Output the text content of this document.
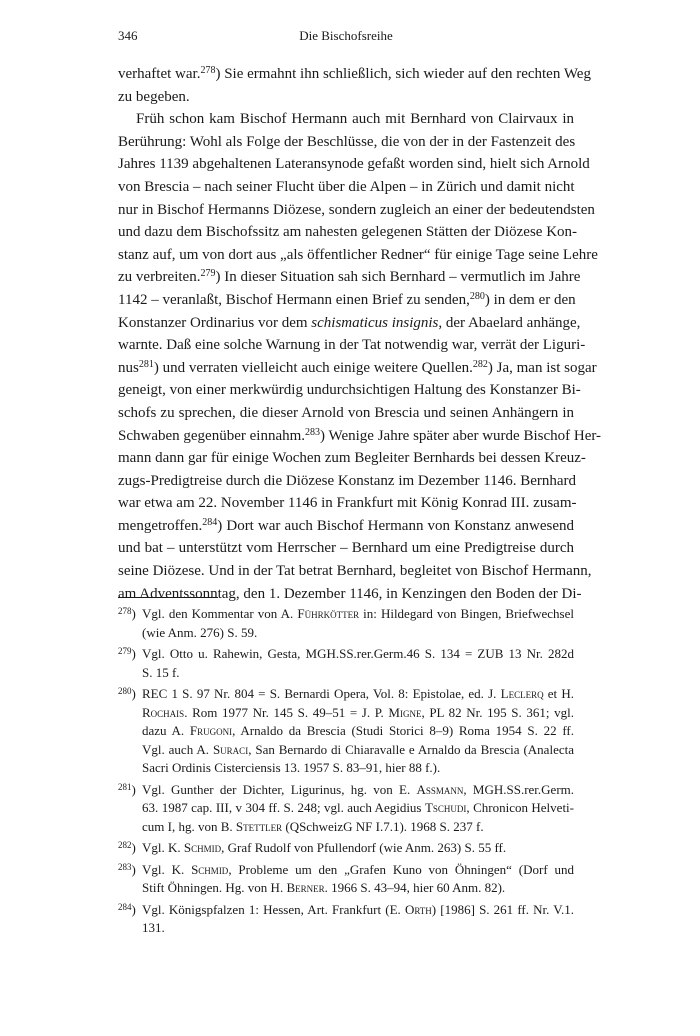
346	Die Bischofsreihe
verhaftet war.$^{278}$) Sie ermahnt ihn schließlich, sich wieder auf den rechten Weg
zu begeben.
Früh schon kam Bischof Hermann auch mit Bernhard von Clairvaux in
Berührung: Wohl als Folge der Beschlüsse, die von der in der Fastenzeit des
Jahres 1139 abgehaltenen Lateransynode gefaßt worden sind, hielt sich Arnold
von Brescia – nach seiner Flucht über die Alpen – in Zürich und damit nicht
nur in Bischof Hermanns Diözese, sondern zugleich an einer der bedeutendsten
und dazu dem Bischofssitz am nahesten gelegenen Stätten der Diözese Kon-
stanz auf, um von dort aus „als öffentlicher Redner“ für einige Tage seine Lehre
zu verbreiten.$^{279}$) In dieser Situation sah sich Bernhard – vermutlich im Jahre
1142 – veranlaßt, Bischof Hermann einen Brief zu senden,$^{280}$) in dem er den
Konstanzer Ordinarius vor dem schismaticus insignis, der Abaelard anhänge,
warnte. Daß eine solche Warnung in der Tat notwendig war, verrät der Liguri-
nus$^{281}$) und verraten vielleicht auch einige weitere Quellen.$^{282}$) Ja, man ist sogar
geneigt, von einer merkwürdig undurchsichtigen Haltung des Konstanzer Bi-
schofs zu sprechen, die dieser Arnold von Brescia und seinen Anhängern in
Schwaben gegenüber einnahm.$^{283}$) Wenige Jahre später aber wurde Bischof Her-
mann dann gar für einige Wochen zum Begleiter Bernhards bei dessen Kreuz-
zugs-Predigtreise durch die Diözese Konstanz im Dezember 1146. Bernhard
war etwa am 22. November 1146 in Frankfurt mit König Konrad III. zusam-
mengetroffen.$^{284}$) Dort war auch Bischof Hermann von Konstanz anwesend
und bat – unterstützt vom Herrscher – Bernhard um eine Predigtreise durch
seine Diözese. Und in der Tat betrat Bernhard, begleitet von Bischof Hermann,
am Adventssonntag, den 1. Dezember 1146, in Kenzingen den Boden der Di-
$^{278}$) Vgl. den Kommentar von A. Führkötter in: Hildegard von Bingen, Briefwechsel
(wie Anm. 276) S. 59.
$^{279}$) Vgl. Otto u. Rahewin, Gesta, MGH.SS.rer.Germ.46 S. 134 = ZUB 13 Nr. 282d
S. 15 f.
$^{280}$) REC 1 S. 97 Nr. 804 = S. Bernardi Opera, Vol. 8: Epistolae, ed. J. Leclerq et H.
Rochais. Rom 1977 Nr. 145 S. 49–51 = J. P. Migne, PL 82 Nr. 195 S. 361; vgl.
dazu A. Frugoni, Arnaldo da Brescia (Studi Storici 8–9) Roma 1954 S. 22 ff.
Vgl. auch A. Suraci, San Bernardo di Chiaravalle e Arnaldo da Brescia (Analecta
Sacri Ordinis Cisterciensis 13. 1957 S. 83–91, hier 88 f.).
$^{281}$) Vgl. Gunther der Dichter, Ligurinus, hg. von E. Assmann, MGH.SS.rer.Germ.
63. 1987 cap. III, v 304 ff. S. 248; vgl. auch Aegidius Tschudi, Chronicon Helveti-
cum I, hg. von B. Stettler (QSchweizG NF I.7.1). 1968 S. 237 f.
$^{282}$) Vgl. K. Schmid, Graf Rudolf von Pfullendorf (wie Anm. 263) S. 55 ff.
$^{283}$) Vgl. K. Schmid, Probleme um den „Grafen Kuno von Öhningen“ (Dorf und
Stift Öhningen. Hg. von H. Berner. 1966 S. 43–94, hier 60 Anm. 82).
$^{284}$) Vgl. Königspfalzen 1: Hessen, Art. Frankfurt (E. Orth) [1986] S. 261 ff. Nr. V.1.
131.
